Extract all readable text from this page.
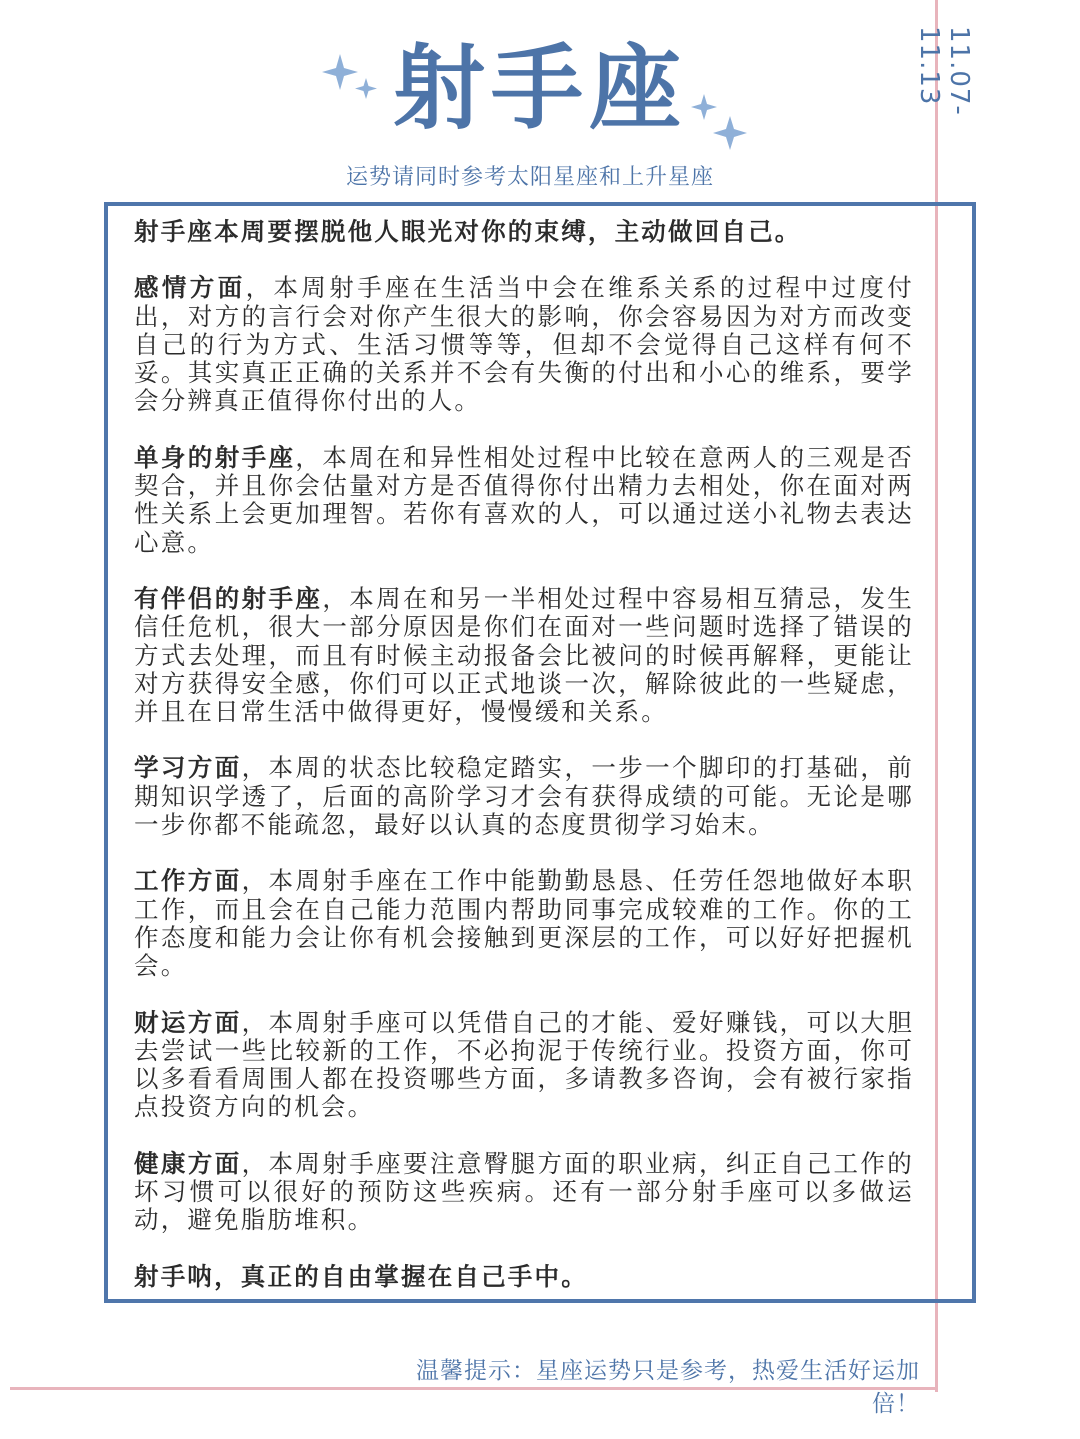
射手座
运势请同时参考太阳星座和上升星座
11.07-11.13

射手座本周要摆脱他人眼光对你的束缚，主动做回自己。

感情方面，本周射手座在生活当中会在维系关系的过程中过度付出，对方的言行会对你产生很大的影响，你会容易因为对方而改变自己的行为方式、生活习惯等等，但却不会觉得自己这样有何不妥。其实真正正确的关系并不会有失衡的付出和小心的维系，要学会分辨真正值得你付出的人。

单身的射手座，本周在和异性相处过程中比较在意两人的三观是否契合，并且你会估量对方是否值得你付出精力去相处，你在面对两性关系上会更加理智。若你有喜欢的人，可以通过送小礼物去表达心意。

有伴侣的射手座，本周在和另一半相处过程中容易相互猜忌，发生信任危机，很大一部分原因是你们在面对一些问题时选择了错误的方式去处理，而且有时候主动报备会比被问的时候再解释，更能让对方获得安全感，你们可以正式地谈一次，解除彼此的一些疑虑，并且在日常生活中做得更好，慢慢缓和关系。

学习方面，本周的状态比较稳定踏实，一步一个脚印的打基础，前期知识学透了，后面的高阶学习才会有获得成绩的可能。无论是哪一步你都不能疏忽，最好以认真的态度贯彻学习始末。

工作方面，本周射手座在工作中能勤勤恳恳、任劳任怨地做好本职工作，而且会在自己能力范围内帮助同事完成较难的工作。你的工作态度和能力会让你有机会接触到更深层的工作，可以好好把握机会。

财运方面，本周射手座可以凭借自己的才能、爱好赚钱，可以大胆去尝试一些比较新的工作，不必拘泥于传统行业。投资方面，你可以多看看周围人都在投资哪些方面，多请教多咨询，会有被行家指点投资方向的机会。

健康方面，本周射手座要注意臀腿方面的职业病，纠正自己工作的坏习惯可以很好的预防这些疾病。还有一部分射手座可以多做运动，避免脂肪堆积。

射手呐，真正的自由掌握在自己手中。

温馨提示：星座运势只是参考，热爱生活好运加倍！
